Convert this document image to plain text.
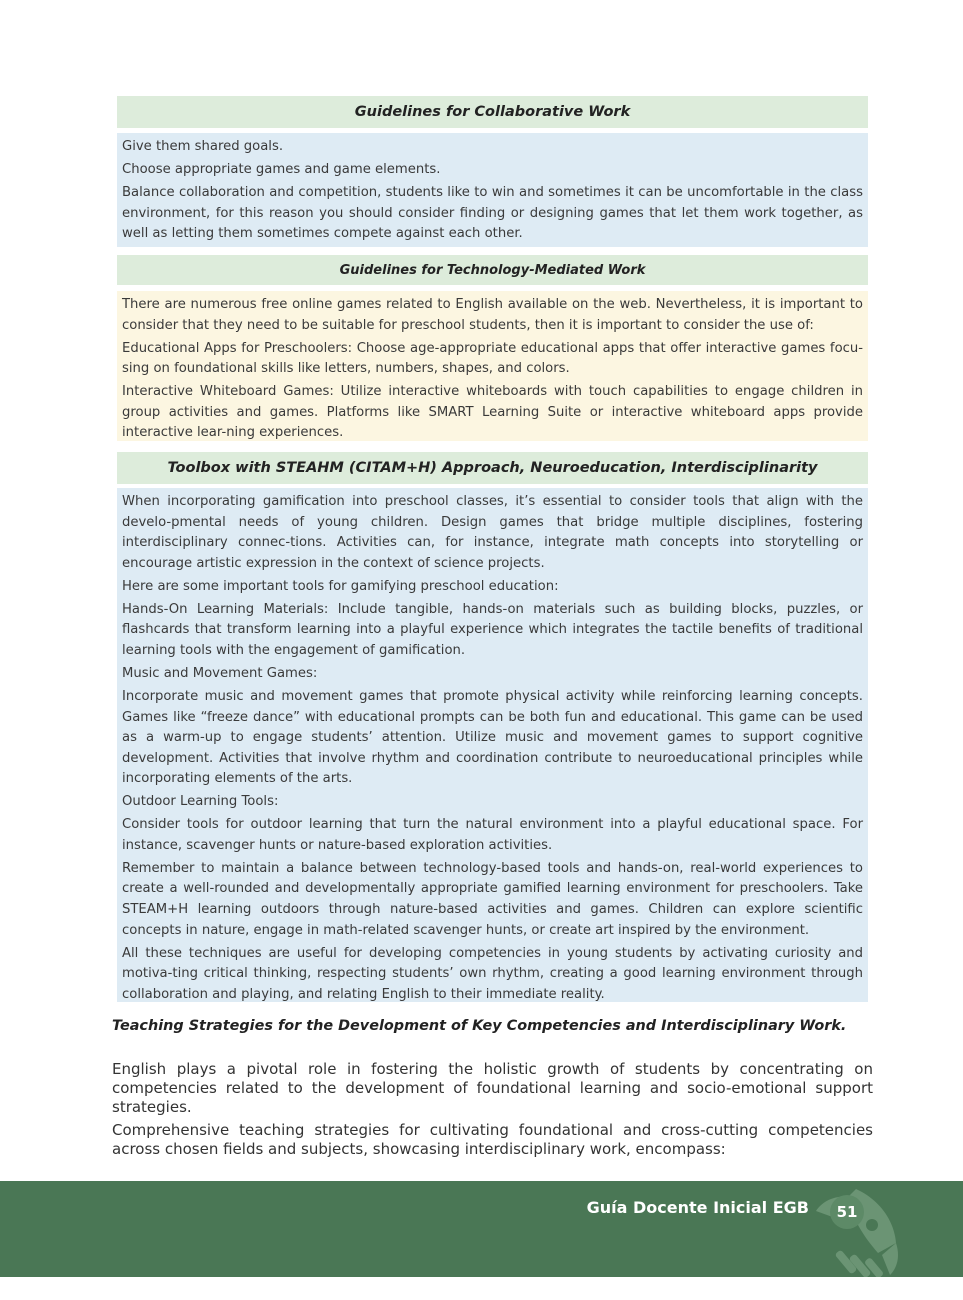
Guidelines for Collaborative Work

Give them shared goals.

Choose appropriate games and game elements.

Balance collaboration and competition, students like to win and sometimes it can be uncomfortable in the class environment, for this reason you should consider finding or designing games that let them work together, as well as letting them sometimes compete against each other.

Guidelines for Technology-Mediated Work

There are numerous free online games related to English available on the web. Nevertheless, it is important to consider that they need to be suitable for preschool students, then it is important to consider the use of:

Educational Apps for Preschoolers: Choose age-appropriate educational apps that offer interactive games focu-sing on foundational skills like letters, numbers, shapes, and colors.

Interactive Whiteboard Games: Utilize interactive whiteboards with touch capabilities to engage children in group activities and games. Platforms like SMART Learning Suite or interactive whiteboard apps provide interactive lear-ning experiences.

Toolbox with STEAHM (CITAM+H) Approach, Neuroeducation, Interdisciplinarity

When incorporating gamification into preschool classes, it’s essential to consider tools that align with the develo-pmental needs of young children. Design games that bridge multiple disciplines, fostering interdisciplinary connec-tions. Activities can, for instance, integrate math concepts into storytelling or encourage artistic expression in the context of science projects.

Here are some important tools for gamifying preschool education:

Hands-On Learning Materials: Include tangible, hands-on materials such as building blocks, puzzles, or flashcards that transform learning into a playful experience which integrates the tactile benefits of traditional learning tools with the engagement of gamification.

Music and Movement Games:

Incorporate music and movement games that promote physical activity while reinforcing learning concepts. Games like “freeze dance” with educational prompts can be both fun and educational. This game can be used as a warm-up to engage students’ attention. Utilize music and movement games to support cognitive development. Activities that involve rhythm and coordination contribute to neuroeducational principles while incorporating elements of the arts.

Outdoor Learning Tools:

Consider tools for outdoor learning that turn the natural environment into a playful educational space. For instance, scavenger hunts or nature-based exploration activities.

Remember to maintain a balance between technology-based tools and hands-on, real-world experiences to create a well-rounded and developmentally appropriate gamified learning environment for preschoolers. Take STEAM+H learning outdoors through nature-based activities and games. Children can explore scientific concepts in nature, engage in math-related scavenger hunts, or create art inspired by the environment.

All these techniques are useful for developing competencies in young students by activating curiosity and motiva-ting critical thinking, respecting students’ own rhythm, creating a good learning environment through collaboration and playing, and relating English to their immediate reality.

Teaching Strategies for the Development of Key Competencies and Interdisciplinary Work.
English plays a pivotal role in fostering the holistic growth of students by concentrating on competencies related to the development of foundational learning and socio-emotional support strategies.
Comprehensive teaching strategies for cultivating foundational and cross-cutting competencies across chosen fields and subjects, showcasing interdisciplinary work, encompass:
Guía Docente Inicial EGB 51
